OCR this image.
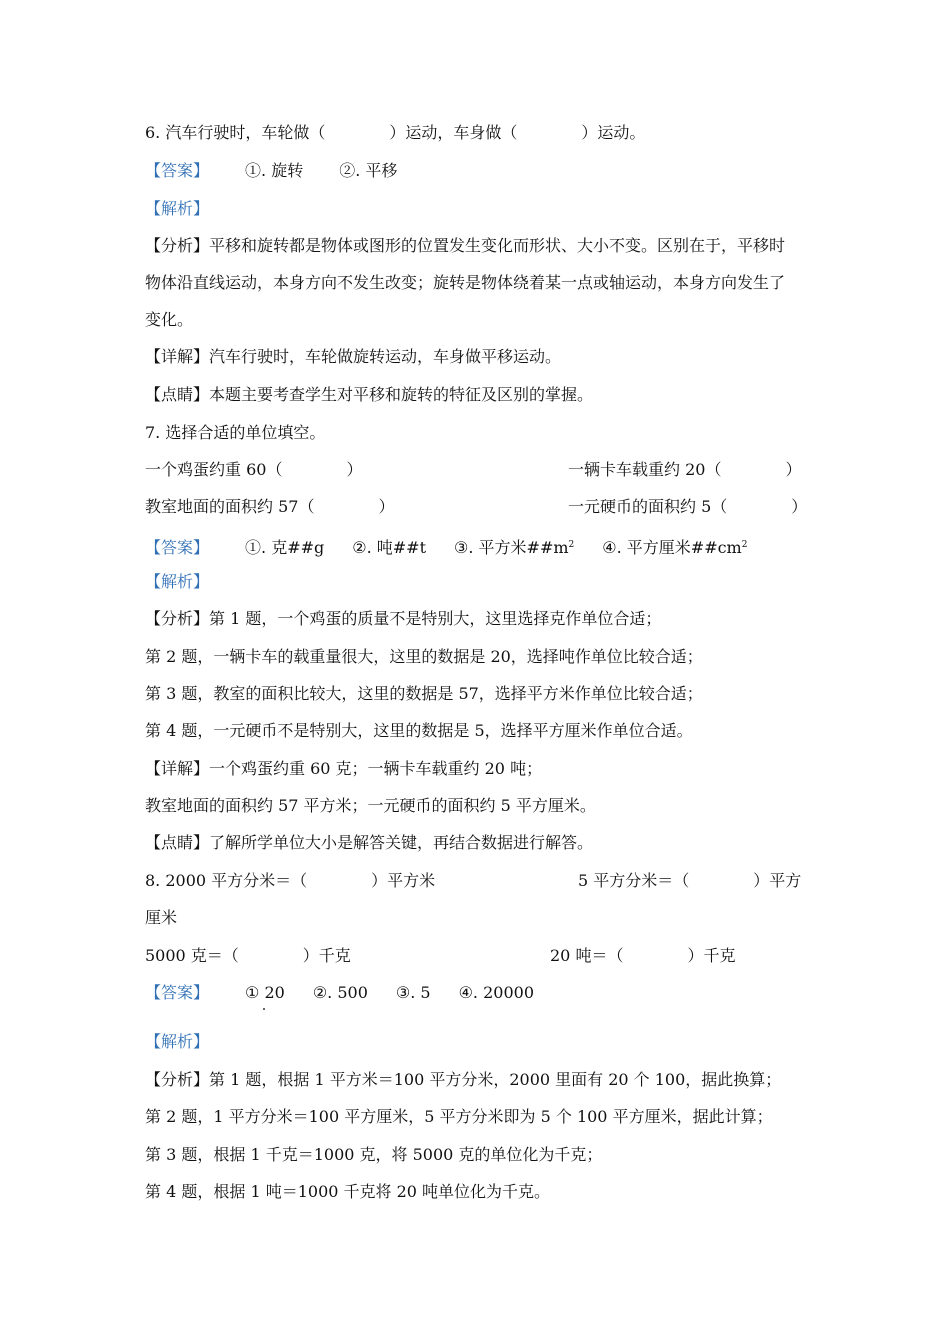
6. 汽车行驶时，车轮做（　　　　）运动，车身做（　　　　）运动。
【答案】 ①. 旋转 ②. 平移
【解析】
【分析】平移和旋转都是物体或图形的位置发生变化而形状、大小不变。区别在于，平移时
物体沿直线运动，本身方向不发生改变；旋转是物体绕着某一点或轴运动，本身方向发生了
变化。
【详解】汽车行驶时，车轮做旋转运动，车身做平移运动。
【点睛】本题主要考查学生对平移和旋转的特征及区别的掌握。
7. 选择合适的单位填空。
一个鸡蛋约重 60（　　　　）	一辆卡车载重约 20（　　　　）
教室地面的面积约 57（　　　　）	一元硬币的面积约 5（　　　　）
【答案】 ①. 克##g ②. 吨##t ③. 平方米$\#\#m^2$ ④. 平方厘米$\#\#cm^2$
【解析】
【分析】第 1 题，一个鸡蛋的质量不是特别大，这里选择克作单位合适；
第 2 题，一辆卡车的载重量很大，这里的数据是 20，选择吨作单位比较合适；
第 3 题，教室的面积比较大，这里的数据是 57，选择平方米作单位比较合适；
第 4 题，一元硬币不是特别大，这里的数据是 5，选择平方厘米作单位合适。
【详解】一个鸡蛋约重 60 克；一辆卡车载重约 20 吨；
教室地面的面积约 57 平方米；一元硬币的面积约 5 平方厘米。
【点睛】了解所学单位大小是解答关键，再结合数据进行解答。
8. 2000 平方分米＝（　　　　）平方米	5 平方分米＝（　　　　）平方
厘米
5000 克＝（　　　　）千克	20 吨＝（　　　　）千克
【答案】 ① 20 ②. 500 ③. 5 ④. 20000
【解析】
【分析】第 1 题，根据 1 平方米＝100 平方分米，2000 里面有 20 个 100，据此换算；
第 2 题，1 平方分米＝100 平方厘米，5 平方分米即为 5 个 100 平方厘米，据此计算；
第 3 题，根据 1 千克＝1000 克，将 5000 克的单位化为千克；
第 4 题，根据 1 吨＝1000 千克将 20 吨单位化为千克。
